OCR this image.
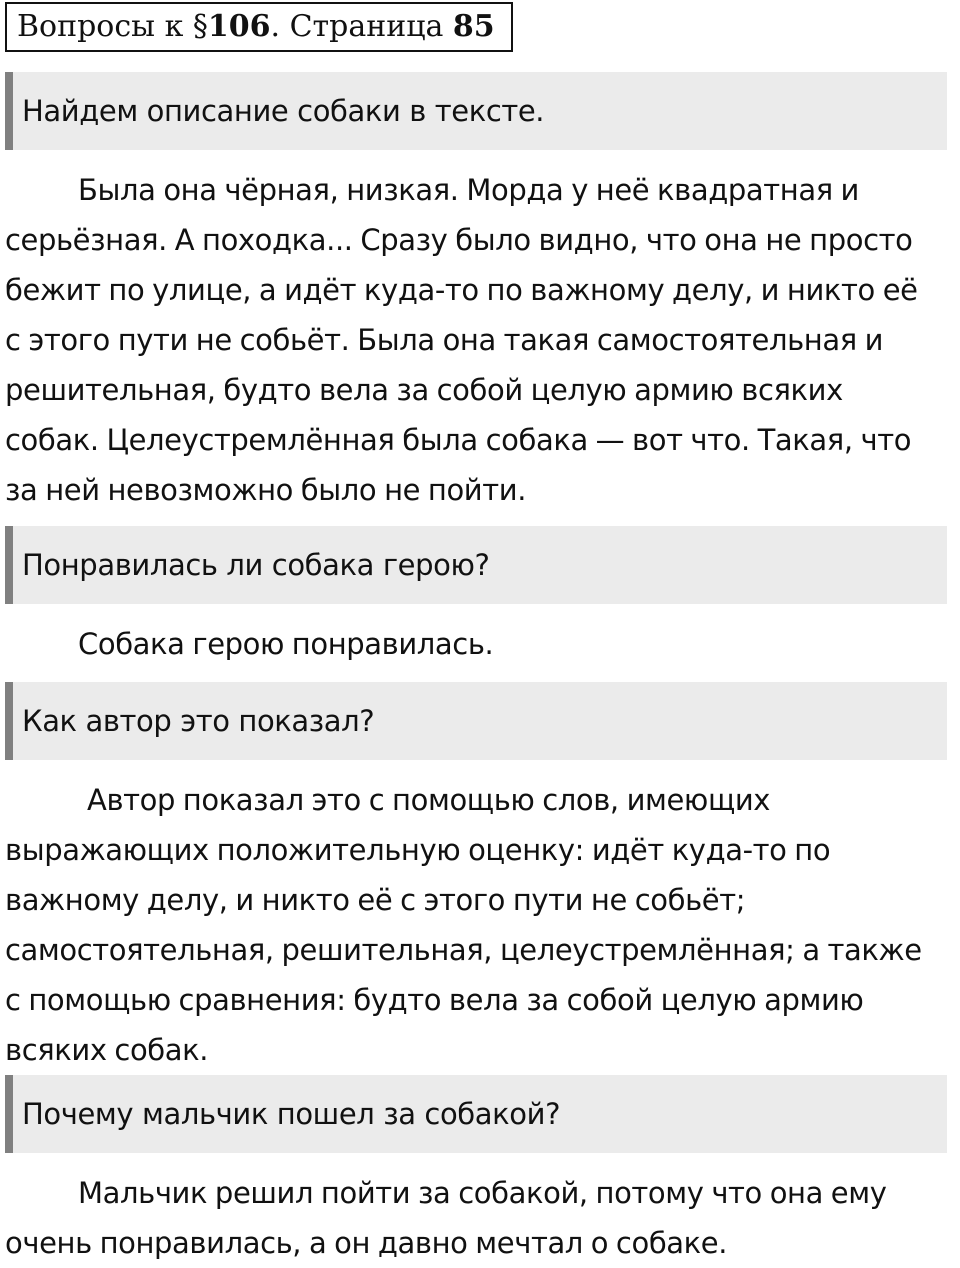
Вопросы к §106. Страница 85
Найдем описание собаки в тексте.
Была она чёрная, низкая. Морда у неё квадратная и
серьёзная. А походка... Сразу было видно, что она не просто
бежит по улице, а идёт куда-то по важному делу, и никто её
с этого пути не собьёт. Была она такая самостоятельная и
решительная, будто вела за собой целую армию всяких
собак. Целеустремлённая была собака — вот что. Такая, что
за ней невозможно было не пойти.
Понравилась ли собака герою?
Собака герою понравилась.
Как автор это показал?
Автор показал это с помощью слов, имеющих
выражающих положительную оценку: идёт куда-то по
важному делу, и никто её с этого пути не собьёт;
самостоятельная, решительная, целеустремлённая; а также
с помощью сравнения: будто вела за собой целую армию
всяких собак.
Почему мальчик пошел за собакой?
Мальчик решил пойти за собакой, потому что она ему
очень понравилась, а он давно мечтал о собаке.
